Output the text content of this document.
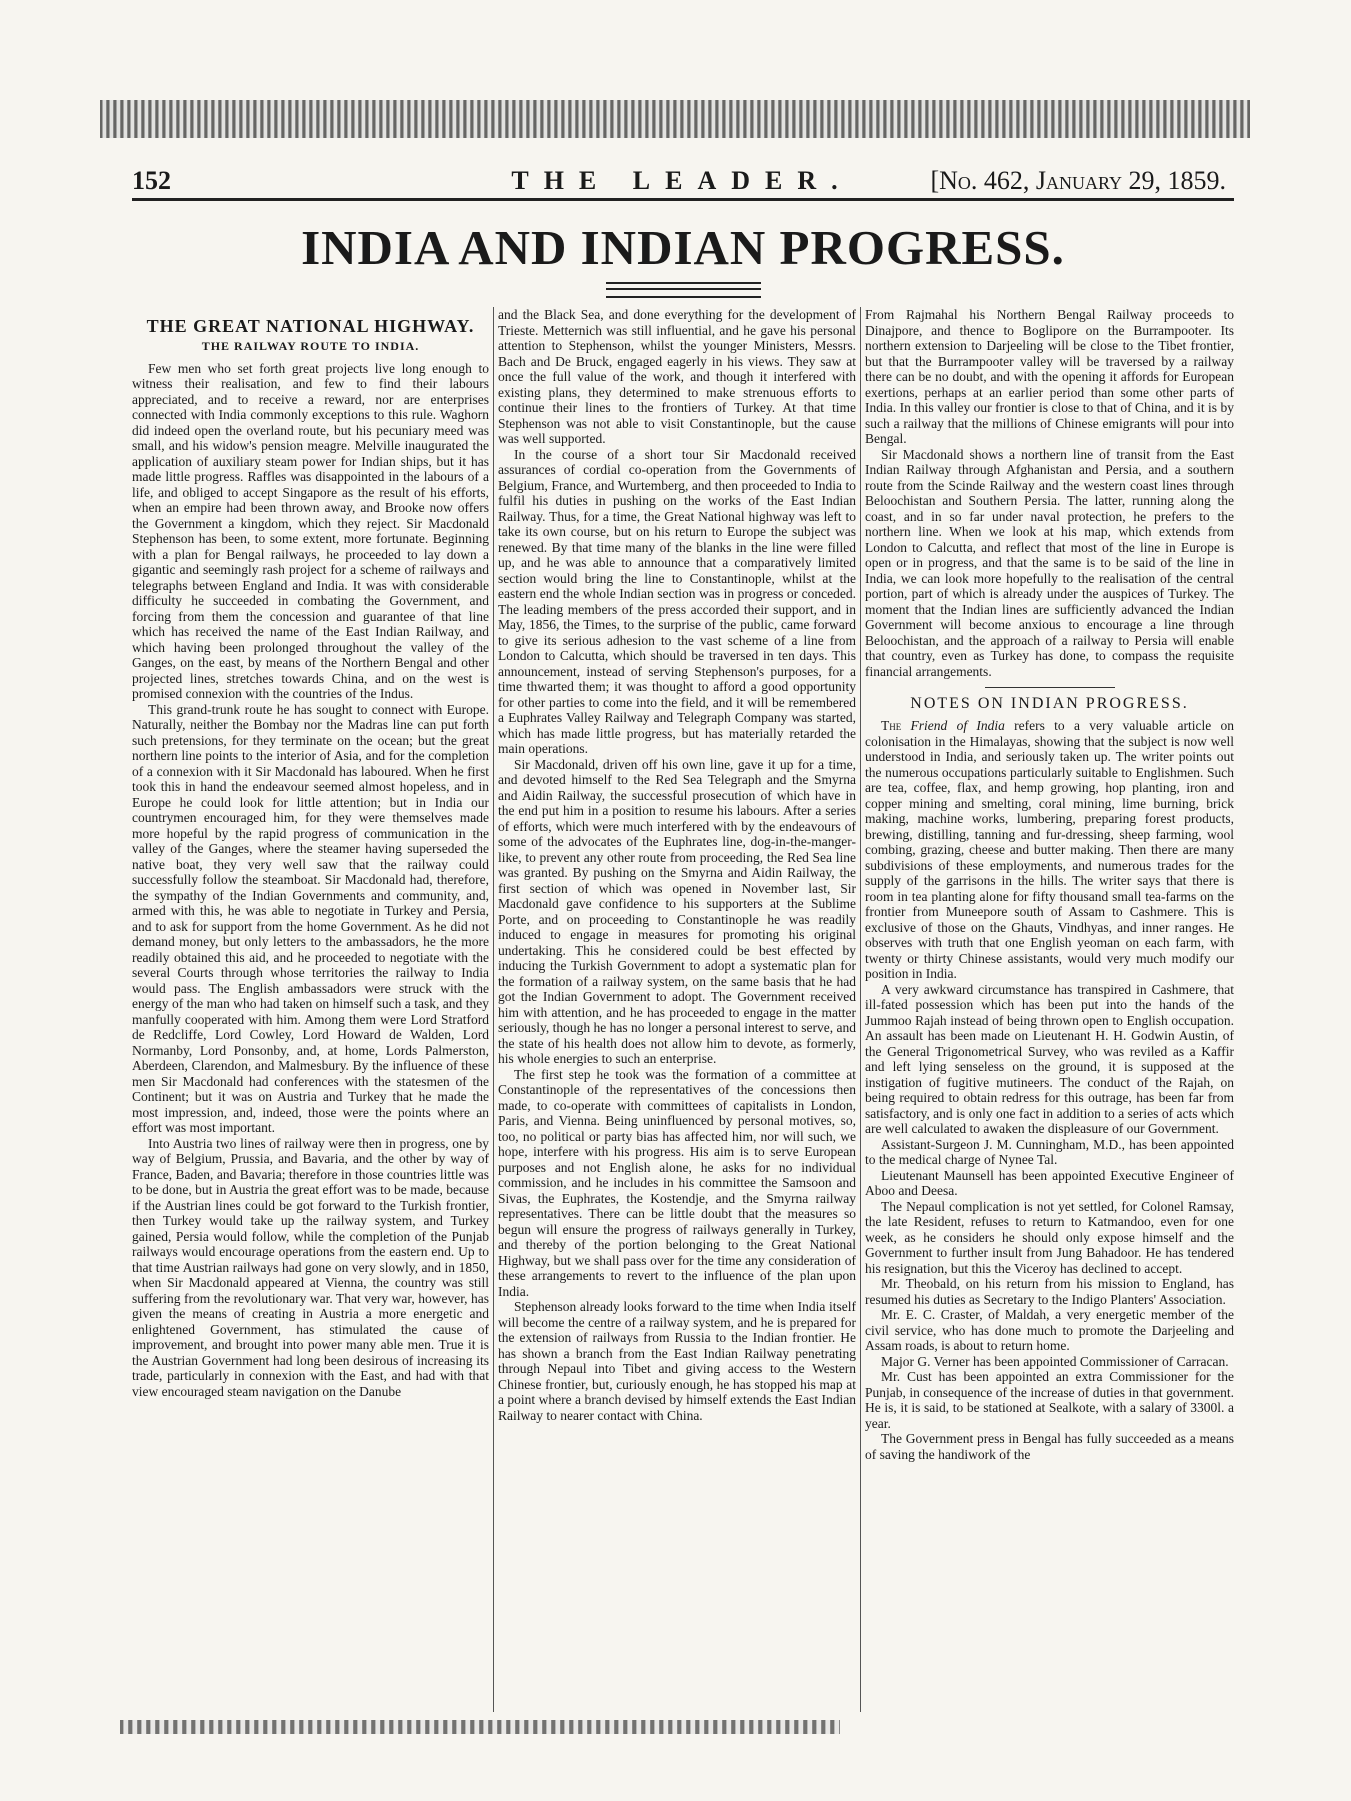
152	THE LEADER.	[No. 462, January 29, 1859.
INDIA AND INDIAN PROGRESS.
THE GREAT NATIONAL HIGHWAY.
THE RAILWAY ROUTE TO INDIA.

Few men who set forth great projects live long enough to witness their realisation, and few to find their labours appreciated, and to receive a reward, nor are enterprises connected with India commonly exceptions to this rule. Waghorn did indeed open the overland route, but his pecuniary meed was small, and his widow's pension meagre. Melville inaugurated the application of auxiliary steam power for Indian ships, but it has made little progress. Raffles was disappointed in the labours of a life, and obliged to accept Singapore as the result of his efforts, when an empire had been thrown away, and Brooke now offers the Government a kingdom, which they reject. Sir Macdonald Stephenson has been, to some extent, more fortunate. Beginning with a plan for Bengal railways, he proceeded to lay down a gigantic and seemingly rash project for a scheme of railways and telegraphs between England and India. It was with considerable difficulty he succeeded in combating the Government, and forcing from them the concession and guarantee of that line which has received the name of the East Indian Railway, and which having been prolonged throughout the valley of the Ganges, on the east, by means of the Northern Bengal and other projected lines, stretches towards China, and on the west is promised connexion with the countries of the Indus.

This grand-trunk route he has sought to connect with Europe. Naturally, neither the Bombay nor the Madras line can put forth such pretensions, for they terminate on the ocean; but the great northern line points to the interior of Asia, and for the completion of a connexion with it Sir Macdonald has laboured. When he first took this in hand the endeavour seemed almost hopeless, and in Europe he could look for little attention; but in India our countrymen encouraged him, for they were themselves made more hopeful by the rapid progress of communication in the valley of the Ganges, where the steamer having superseded the native boat, they very well saw that the railway could successfully follow the steamboat. Sir Macdonald had, therefore, the sympathy of the Indian Governments and community, and, armed with this, he was able to negotiate in Turkey and Persia, and to ask for support from the home Government. As he did not demand money, but only letters to the ambassadors, he the more readily obtained this aid, and he proceeded to negotiate with the several Courts through whose territories the railway to India would pass. The English ambassadors were struck with the energy of the man who had taken on himself such a task, and they manfully cooperated with him. Among them were Lord Stratford de Redcliffe, Lord Cowley, Lord Howard de Walden, Lord Normanby, Lord Ponsonby, and, at home, Lords Palmerston, Aberdeen, Clarendon, and Malmesbury. By the influence of these men Sir Macdonald had conferences with the statesmen of the Continent; but it was on Austria and Turkey that he made the most impression, and, indeed, those were the points where an effort was most important.

Into Austria two lines of railway were then in progress, one by way of Belgium, Prussia, and Bavaria, and the other by way of France, Baden, and Bavaria; therefore in those countries little was to be done, but in Austria the great effort was to be made, because if the Austrian lines could be got forward to the Turkish frontier, then Turkey would take up the railway system, and Turkey gained, Persia would follow, while the completion of the Punjab railways would encourage operations from the eastern end. Up to that time Austrian railways had gone on very slowly, and in 1850, when Sir Macdonald appeared at Vienna, the country was still suffering from the revolutionary war. That very war, however, has given the means of creating in Austria a more energetic and enlightened Government, has stimulated the cause of improvement, and brought into power many able men. True it is the Austrian Government had long been desirous of increasing its trade, particularly in connexion with the East, and had with that view encouraged steam navigation on the Danube

and the Black Sea, and done everything for the development of Trieste. Metternich was still influential, and he gave his personal attention to Stephenson, whilst the younger Ministers, Messrs. Bach and De Bruck, engaged eagerly in his views. They saw at once the full value of the work, and though it interfered with existing plans, they determined to make strenuous efforts to continue their lines to the frontiers of Turkey. At that time Stephenson was not able to visit Constantinople, but the cause was well supported.

In the course of a short tour Sir Macdonald received assurances of cordial co-operation from the Governments of Belgium, France, and Wurtemberg, and then proceeded to India to fulfil his duties in pushing on the works of the East Indian Railway. Thus, for a time, the Great National highway was left to take its own course, but on his return to Europe the subject was renewed. By that time many of the blanks in the line were filled up, and he was able to announce that a comparatively limited section would bring the line to Constantinople, whilst at the eastern end the whole Indian section was in progress or conceded. The leading members of the press accorded their support, and in May, 1856, the Times, to the surprise of the public, came forward to give its serious adhesion to the vast scheme of a line from London to Calcutta, which should be traversed in ten days. This announcement, instead of serving Stephenson's purposes, for a time thwarted them; it was thought to afford a good opportunity for other parties to come into the field, and it will be remembered a Euphrates Valley Railway and Telegraph Company was started, which has made little progress, but has materially retarded the main operations.

Sir Macdonald, driven off his own line, gave it up for a time, and devoted himself to the Red Sea Telegraph and the Smyrna and Aidin Railway, the successful prosecution of which have in the end put him in a position to resume his labours. After a series of efforts, which were much interfered with by the endeavours of some of the advocates of the Euphrates line, dog-in-the-manger-like, to prevent any other route from proceeding, the Red Sea line was granted. By pushing on the Smyrna and Aidin Railway, the first section of which was opened in November last, Sir Macdonald gave confidence to his supporters at the Sublime Porte, and on proceeding to Constantinople he was readily induced to engage in measures for promoting his original undertaking. This he considered could be best effected by inducing the Turkish Government to adopt a systematic plan for the formation of a railway system, on the same basis that he had got the Indian Government to adopt. The Government received him with attention, and he has proceeded to engage in the matter seriously, though he has no longer a personal interest to serve, and the state of his health does not allow him to devote, as formerly, his whole energies to such an enterprise.

The first step he took was the formation of a committee at Constantinople of the representatives of the concessions then made, to co-operate with committees of capitalists in London, Paris, and Vienna. Being uninfluenced by personal motives, so, too, no political or party bias has affected him, nor will such, we hope, interfere with his progress. His aim is to serve European purposes and not English alone, he asks for no individual commission, and he includes in his committee the Samsoon and Sivas, the Euphrates, the Kostendje, and the Smyrna railway representatives. There can be little doubt that the measures so begun will ensure the progress of railways generally in Turkey, and thereby of the portion belonging to the Great National Highway, but we shall pass over for the time any consideration of these arrangements to revert to the influence of the plan upon India.

Stephenson already looks forward to the time when India itself will become the centre of a railway system, and he is prepared for the extension of railways from Russia to the Indian frontier. He has shown a branch from the East Indian Railway penetrating through Nepaul into Tibet and giving access to the Western Chinese frontier, but, curiously enough, he has stopped his map at a point where a branch devised by himself extends the East Indian Railway to nearer contact with China.

From Rajmahal his Northern Bengal Railway proceeds to Dinajpore, and thence to Boglipore on the Burrampooter. Its northern extension to Darjeeling will be close to the Tibet frontier, but that the Burrampooter valley will be traversed by a railway there can be no doubt, and with the opening it affords for European exertions, perhaps at an earlier period than some other parts of India. In this valley our frontier is close to that of China, and it is by such a railway that the millions of Chinese emigrants will pour into Bengal.

Sir Macdonald shows a northern line of transit from the East Indian Railway through Afghanistan and Persia, and a southern route from the Scinde Railway and the western coast lines through Beloochistan and Southern Persia. The latter, running along the coast, and in so far under naval protection, he prefers to the northern line. When we look at his map, which extends from London to Calcutta, and reflect that most of the line in Europe is open or in progress, and that the same is to be said of the line in India, we can look more hopefully to the realisation of the central portion, part of which is already under the auspices of Turkey. The moment that the Indian lines are sufficiently advanced the Indian Government will become anxious to encourage a line through Beloochistan, and the approach of a railway to Persia will enable that country, even as Turkey has done, to compass the requisite financial arrangements.

NOTES ON INDIAN PROGRESS.

The Friend of India refers to a very valuable article on colonisation in the Himalayas, showing that the subject is now well understood in India, and seriously taken up. The writer points out the numerous occupations particularly suitable to Englishmen. Such are tea, coffee, flax, and hemp growing, hop planting, iron and copper mining and smelting, coral mining, lime burning, brick making, machine works, lumbering, preparing forest products, brewing, distilling, tanning and fur-dressing, sheep farming, wool combing, grazing, cheese and butter making. Then there are many subdivisions of these employments, and numerous trades for the supply of the garrisons in the hills. The writer says that there is room in tea planting alone for fifty thousand small tea-farms on the frontier from Muneepore south of Assam to Cashmere. This is exclusive of those on the Ghauts, Vindhyas, and inner ranges. He observes with truth that one English yeoman on each farm, with twenty or thirty Chinese assistants, would very much modify our position in India.

A very awkward circumstance has transpired in Cashmere, that ill-fated possession which has been put into the hands of the Jummoo Rajah instead of being thrown open to English occupation. An assault has been made on Lieutenant H. H. Godwin Austin, of the General Trigonometrical Survey, who was reviled as a Kaffir and left lying senseless on the ground, it is supposed at the instigation of fugitive mutineers. The conduct of the Rajah, on being required to obtain redress for this outrage, has been far from satisfactory, and is only one fact in addition to a series of acts which are well calculated to awaken the displeasure of our Government.

Assistant-Surgeon J. M. Cunningham, M.D., has been appointed to the medical charge of Nynee Tal.

Lieutenant Maunsell has been appointed Executive Engineer of Aboo and Deesa.

The Nepaul complication is not yet settled, for Colonel Ramsay, the late Resident, refuses to return to Katmandoo, even for one week, as he considers he should only expose himself and the Government to further insult from Jung Bahadoor. He has tendered his resignation, but this the Viceroy has declined to accept.

Mr. Theobald, on his return from his mission to England, has resumed his duties as Secretary to the Indigo Planters' Association.

Mr. E. C. Craster, of Maldah, a very energetic member of the civil service, who has done much to promote the Darjeeling and Assam roads, is about to return home.

Major G. Verner has been appointed Commissioner of Carracan.

Mr. Cust has been appointed an extra Commissioner for the Punjab, in consequence of the increase of duties in that government. He is, it is said, to be stationed at Sealkote, with a salary of 3300l. a year.

The Government press in Bengal has fully succeeded as a means of saving the handiwork of the
